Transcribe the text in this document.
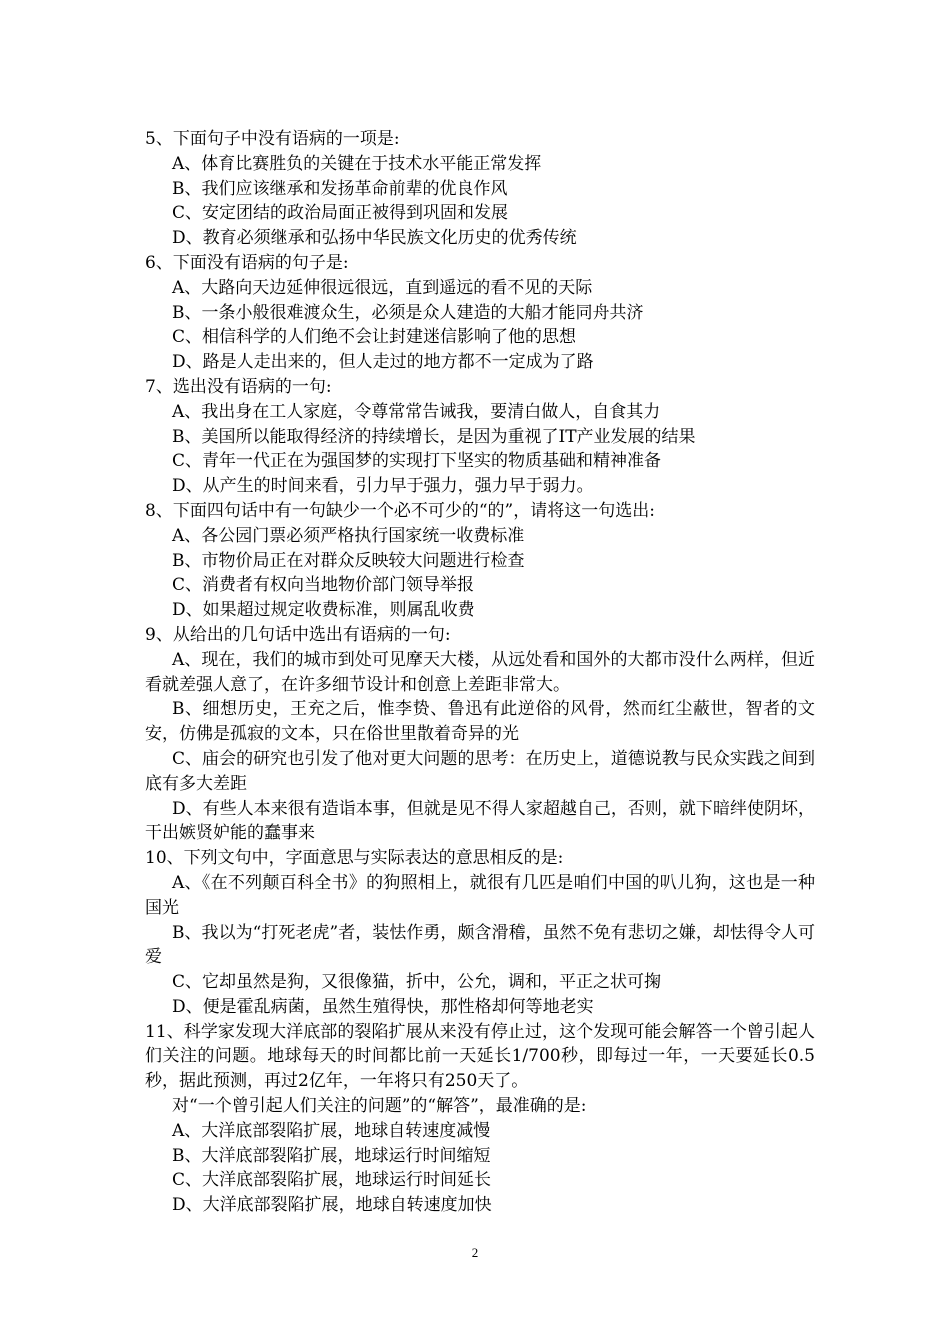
5、下面句子中没有语病的一项是:
A、体育比赛胜负的关键在于技术水平能正常发挥
B、我们应该继承和发扬革命前辈的优良作风
C、安定团结的政治局面正被得到巩固和发展
D、教育必须继承和弘扬中华民族文化历史的优秀传统
6、下面没有语病的句子是:
A、大路向天边延伸很远很远，直到遥远的看不见的天际
B、一条小般很难渡众生，必须是众人建造的大船才能同舟共济
C、相信科学的人们绝不会让封建迷信影响了他的思想
D、路是人走出来的，但人走过的地方都不一定成为了路
7、选出没有语病的一句:
A、我出身在工人家庭，令尊常常告诫我，要清白做人，自食其力
B、美国所以能取得经济的持续增长，是因为重视了IT产业发展的结果
C、青年一代正在为强国梦的实现打下坚实的物质基础和精神准备
D、从产生的时间来看，引力早于强力，强力早于弱力。
8、下面四句话中有一句缺少一个必不可少的“的”，请将这一句选出:
A、各公园门票必须严格执行国家统一收费标准
B、市物价局正在对群众反映较大问题进行检查
C、消费者有权向当地物价部门领导举报
D、如果超过规定收费标准，则属乱收费
9、从给出的几句话中选出有语病的一句:
A、现在，我们的城市到处可见摩天大楼，从远处看和国外的大都市没什么两样，但近看就差强人意了，在许多细节设计和创意上差距非常大。
B、细想历史，王充之后，惟李贽、鲁迅有此逆俗的风骨，然而红尘蔽世，智者的文安，仿佛是孤寂的文本，只在俗世里散着奇异的光
C、庙会的研究也引发了他对更大问题的思考：在历史上，道德说教与民众实践之间到底有多大差距
D、有些人本来很有造诣本事，但就是见不得人家超越自己，否则，就下暗绊使阴坏，干出嫉贤妒能的蠢事来
10、下列文句中，字面意思与实际表达的意思相反的是:
A、《在不列颠百科全书》的狗照相上，就很有几匹是咱们中国的叭儿狗，这也是一种国光
B、我以为“打死老虎”者，装怯作勇，颇含滑稽，虽然不免有悲切之嫌，却怯得令人可爱
C、它却虽然是狗，又很像猫，折中，公允，调和，平正之状可掬
D、便是霍乱病菌，虽然生殖得快，那性格却何等地老实
11、科学家发现大洋底部的裂陷扩展从来没有停止过，这个发现可能会解答一个曾引起人们关注的问题。地球每天的时间都比前一天延长1/700秒，即每过一年，一天要延长0.5秒，据此预测，再过2亿年，一年将只有250天了。
对“一个曾引起人们关注的问题”的“解答”，最准确的是:
A、大洋底部裂陷扩展，地球自转速度减慢
B、大洋底部裂陷扩展，地球运行时间缩短
C、大洋底部裂陷扩展，地球运行时间延长
D、大洋底部裂陷扩展，地球自转速度加快
2
